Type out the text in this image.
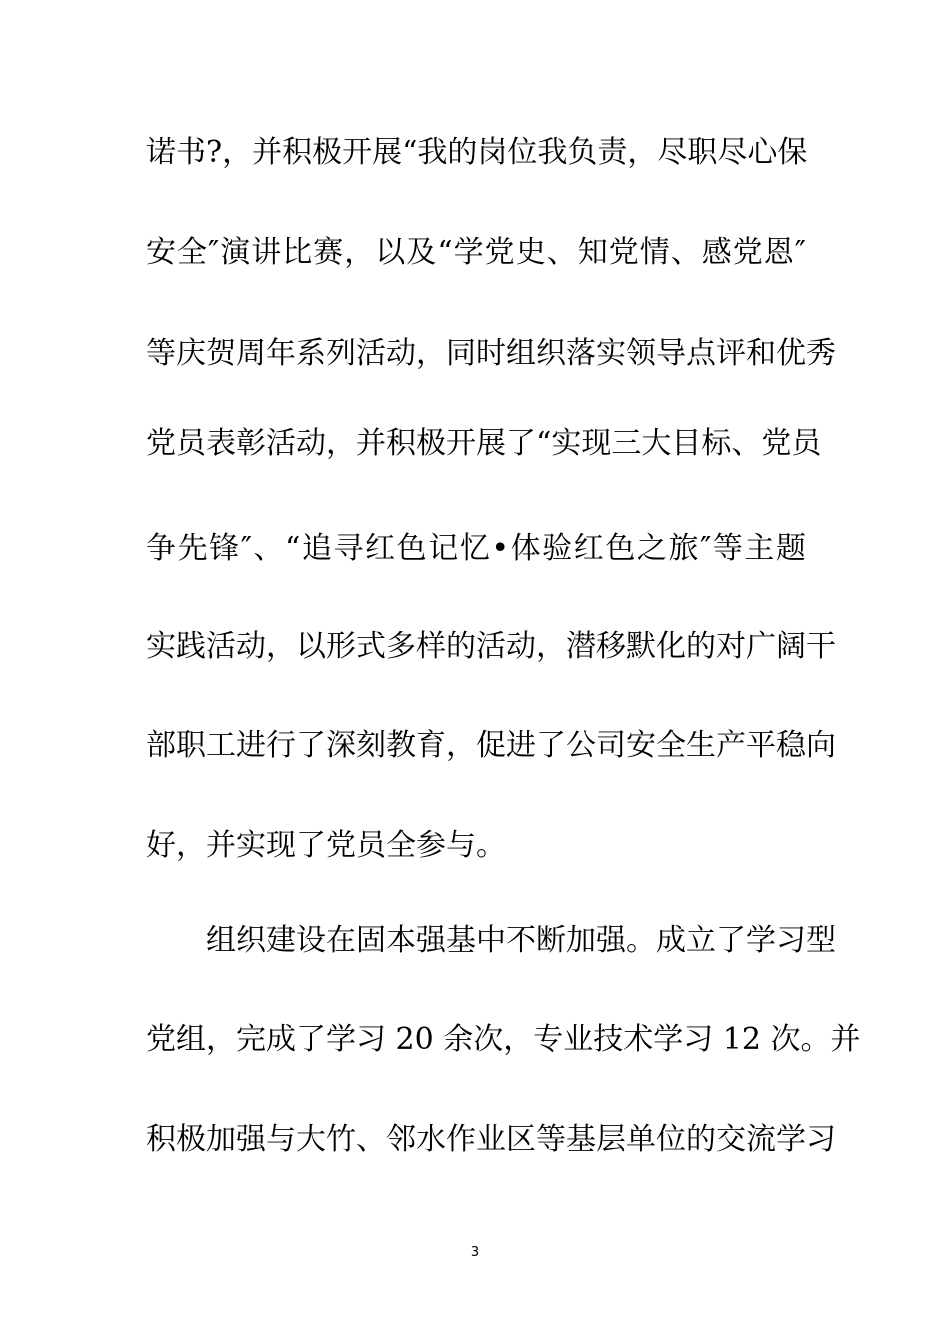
诺书?，并积极开展“我的岗位我负责，尽职尽心保
安全″演讲比赛，以及“学党史、知党情、感党恩″
等庆贺周年系列活动，同时组织落实领导点评和优秀
党员表彰活动，并积极开展了“实现三大目标、党员
争先锋″、“追寻红色记忆•体验红色之旅″等主题
实践活动，以形式多样的活动，潜移默化的对广阔干
部职工进行了深刻教育，促进了公司安全生产平稳向
好，并实现了党员全参与。
组织建设在固本强基中不断加强。成立了学习型
党组，完成了学习 20 余次，专业技术学习 12 次。并
积极加强与大竹、邻水作业区等基层单位的交流学习
3
